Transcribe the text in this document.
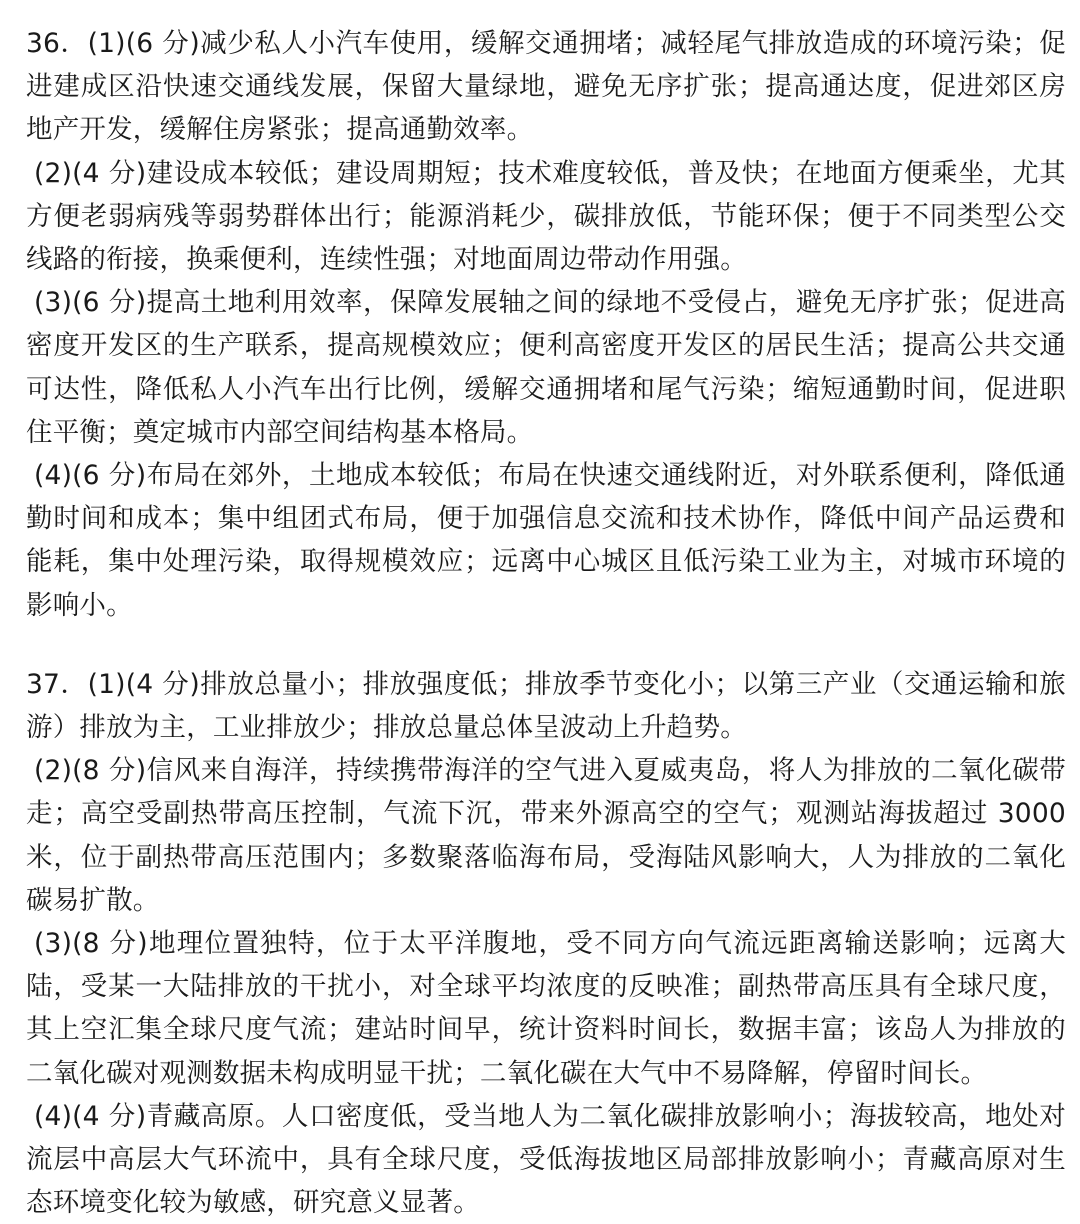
36．(1)(6 分)减少私人小汽车使用，缓解交通拥堵；减轻尾气排放造成的环境污染；促进建成区沿快速交通线发展，保留大量绿地，避免无序扩张；提高通达度，促进郊区房地产开发，缓解住房紧张；提高通勤效率。

(2)(4 分)建设成本较低；建设周期短；技术难度较低，普及快；在地面方便乘坐，尤其方便老弱病残等弱势群体出行；能源消耗少，碳排放低，节能环保；便于不同类型公交线路的衔接，换乘便利，连续性强；对地面周边带动作用强。

(3)(6 分)提高土地利用效率，保障发展轴之间的绿地不受侵占，避免无序扩张；促进高密度开发区的生产联系，提高规模效应；便利高密度开发区的居民生活；提高公共交通可达性，降低私人小汽车出行比例，缓解交通拥堵和尾气污染；缩短通勤时间，促进职住平衡；奠定城市内部空间结构基本格局。

(4)(6 分)布局在郊外，土地成本较低；布局在快速交通线附近，对外联系便利，降低通勤时间和成本；集中组团式布局，便于加强信息交流和技术协作，降低中间产品运费和能耗，集中处理污染，取得规模效应；远离中心城区且低污染工业为主，对城市环境的影响小。

37．(1)(4 分)排放总量小；排放强度低；排放季节变化小；以第三产业（交通运输和旅游）排放为主，工业排放少；排放总量总体呈波动上升趋势。

(2)(8 分)信风来自海洋，持续携带海洋的空气进入夏威夷岛，将人为排放的二氧化碳带走；高空受副热带高压控制，气流下沉，带来外源高空的空气；观测站海拔超过 3000 米，位于副热带高压范围内；多数聚落临海布局，受海陆风影响大，人为排放的二氧化碳易扩散。

(3)(8 分)地理位置独特，位于太平洋腹地，受不同方向气流远距离输送影响；远离大陆，受某一大陆排放的干扰小，对全球平均浓度的反映准；副热带高压具有全球尺度，其上空汇集全球尺度气流；建站时间早，统计资料时间长，数据丰富；该岛人为排放的二氧化碳对观测数据未构成明显干扰；二氧化碳在大气中不易降解，停留时间长。

(4)(4 分)青藏高原。人口密度低，受当地人为二氧化碳排放影响小；海拔较高，地处对流层中高层大气环流中，具有全球尺度，受低海拔地区局部排放影响小；青藏高原对生态环境变化较为敏感，研究意义显著。
